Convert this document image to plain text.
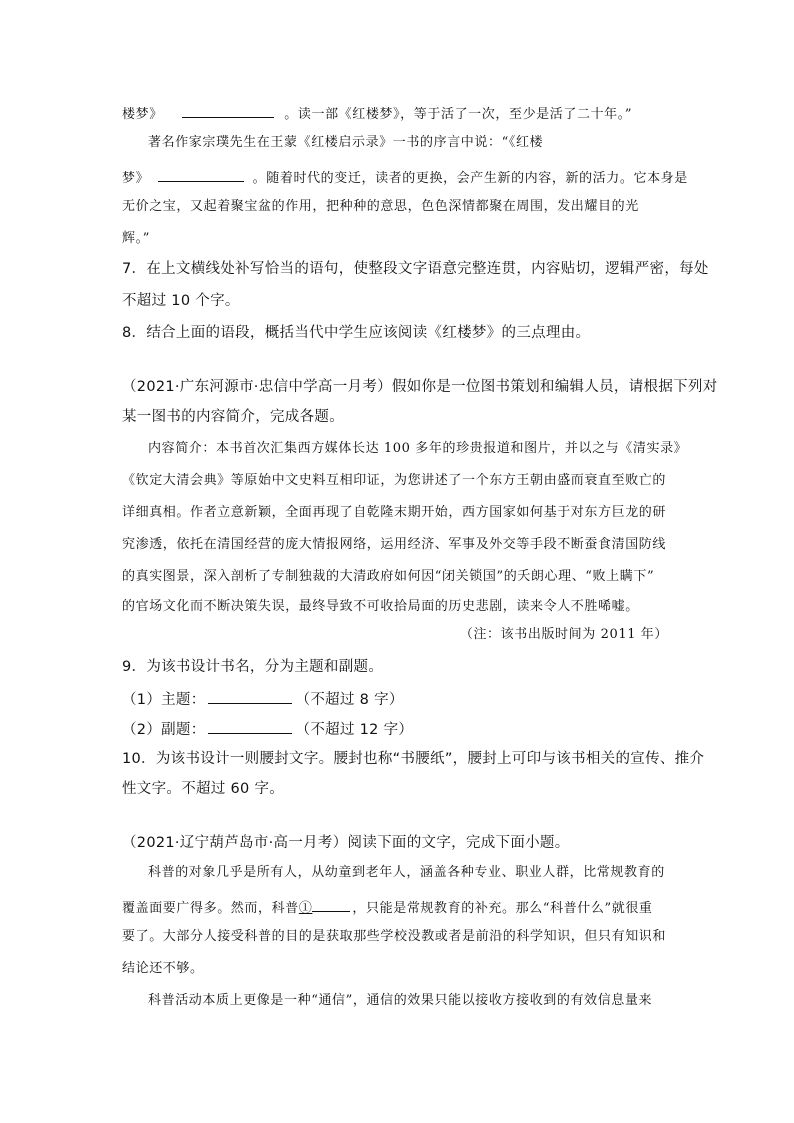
楼梦》	。读一部《红楼梦》，等于活了一次，至少是活了二十年。”
著名作家宗璞先生在王蒙《红楼启示录》一书的序言中说：“《红楼
梦》	。随着时代的变迁，读者的更换，会产生新的内容，新的活力。它本身是
无价之宝，又起着聚宝盆的作用，把种种的意思，色色深情都聚在周围，发出耀目的光
辉。”
7．在上文横线处补写恰当的语句，使整段文字语意完整连贯，内容贴切，逻辑严密，每处
不超过 10 个字。
8．结合上面的语段，概括当代中学生应该阅读《红楼梦》的三点理由。
（2021·广东河源市·忠信中学高一月考）假如你是一位图书策划和编辑人员，请根据下列对
某一图书的内容简介，完成各题。
内容简介：本书首次汇集西方媒体长达 100 多年的珍贵报道和图片，并以之与《清实录》
《钦定大清会典》等原始中文史料互相印证，为您讲述了一个东方王朝由盛而衰直至败亡的
详细真相。作者立意新颖，全面再现了自乾隆末期开始，西方国家如何基于对东方巨龙的研
究渗透，依托在清国经营的庞大情报网络，运用经济、军事及外交等手段不断蚕食清国防线
的真实图景，深入剖析了专制独裁的大清政府如何因“闭关锁国”的夭朗心理、“败上瞒下”
的官场文化而不断决策失误，最终导致不可收拾局面的历史悲剧，读来令人不胜唏嘘。
（注：该书出版时间为 2011 年）
9．为该书设计书名，分为主题和副题。
（1）主题：	（不超过 8 字）
（2）副题：	（不超过 12 字）
10．为该书设计一则腰封文字。腰封也称“书腰纸”，腰封上可印与该书相关的宣传、推介
性文字。不超过 60 字。
（2021·辽宁葫芦岛市·高一月考）阅读下面的文字，完成下面小题。
科普的对象几乎是所有人，从幼童到老年人，涵盖各种专业、职业人群，比常规教育的
覆盖面要广得多。然而，科普①	，只能是常规教育的补充。那么“科普什么”就很重
要了。大部分人接受科普的目的是获取那些学校没教或者是前沿的科学知识，但只有知识和
结论还不够。
科普活动本质上更像是一种“通信”，通信的效果只能以接收方接收到的有效信息量来
